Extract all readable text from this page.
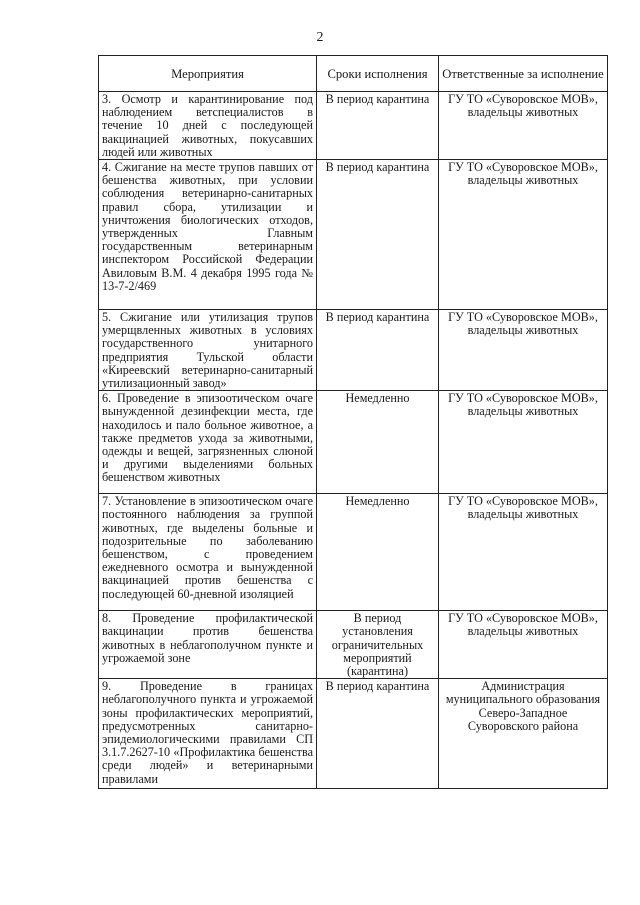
2
Мероприятия	Сроки исполнения	Ответственные за исполнение
3. Осмотр и карантинирование под наблюдением ветспециалистов в течение 10 дней с последующей вакцинацией животных, покусавших людей или животных	В период карантина	ГУ ТО «Суворовское МОВ», владельцы животных
4. Сжигание на месте трупов павших от бешенства животных, при условии соблюдения ветеринарно-санитарных правил сбора, утилизации и уничтожения биологических отходов, утвержденных Главным государственным ветеринарным инспектором Российской Федерации Авиловым В.М. 4 декабря 1995 года № 13-7-2/469	В период карантина	ГУ ТО «Суворовское МОВ», владельцы животных
5. Сжигание или утилизация трупов умерщвленных животных в условиях государственного унитарного предприятия Тульской области «Киреевский ветеринарно-санитарный утилизационный завод»	В период карантина	ГУ ТО «Суворовское МОВ», владельцы животных
6. Проведение в эпизоотическом очаге вынужденной дезинфекции места, где находилось и пало больное животное, а также предметов ухода за животными, одежды и вещей, загрязненных слюной и другими выделениями больных бешенством животных	Немедленно	ГУ ТО «Суворовское МОВ», владельцы животных
7. Установление в эпизоотическом очаге постоянного наблюдения за группой животных, где выделены больные и подозрительные по заболеванию бешенством, с проведением ежедневного осмотра и вынужденной вакцинацией против бешенства с последующей 60-дневной изоляцией	Немедленно	ГУ ТО «Суворовское МОВ», владельцы животных
8. Проведение профилактической вакцинации против бешенства животных в неблагополучном пункте и угрожаемой зоне	В период установления ограничительных мероприятий (карантина)	ГУ ТО «Суворовское МОВ», владельцы животных
9. Проведение в границах неблагополучного пункта и угрожаемой зоны профилактических мероприятий, предусмотренных санитарно-эпидемиологическими правилами СП 3.1.7.2627-10 «Профилактика бешенства среди людей» и ветеринарными правилами	В период карантина	Администрация муниципального образования Северо-Западное Суворовского района
